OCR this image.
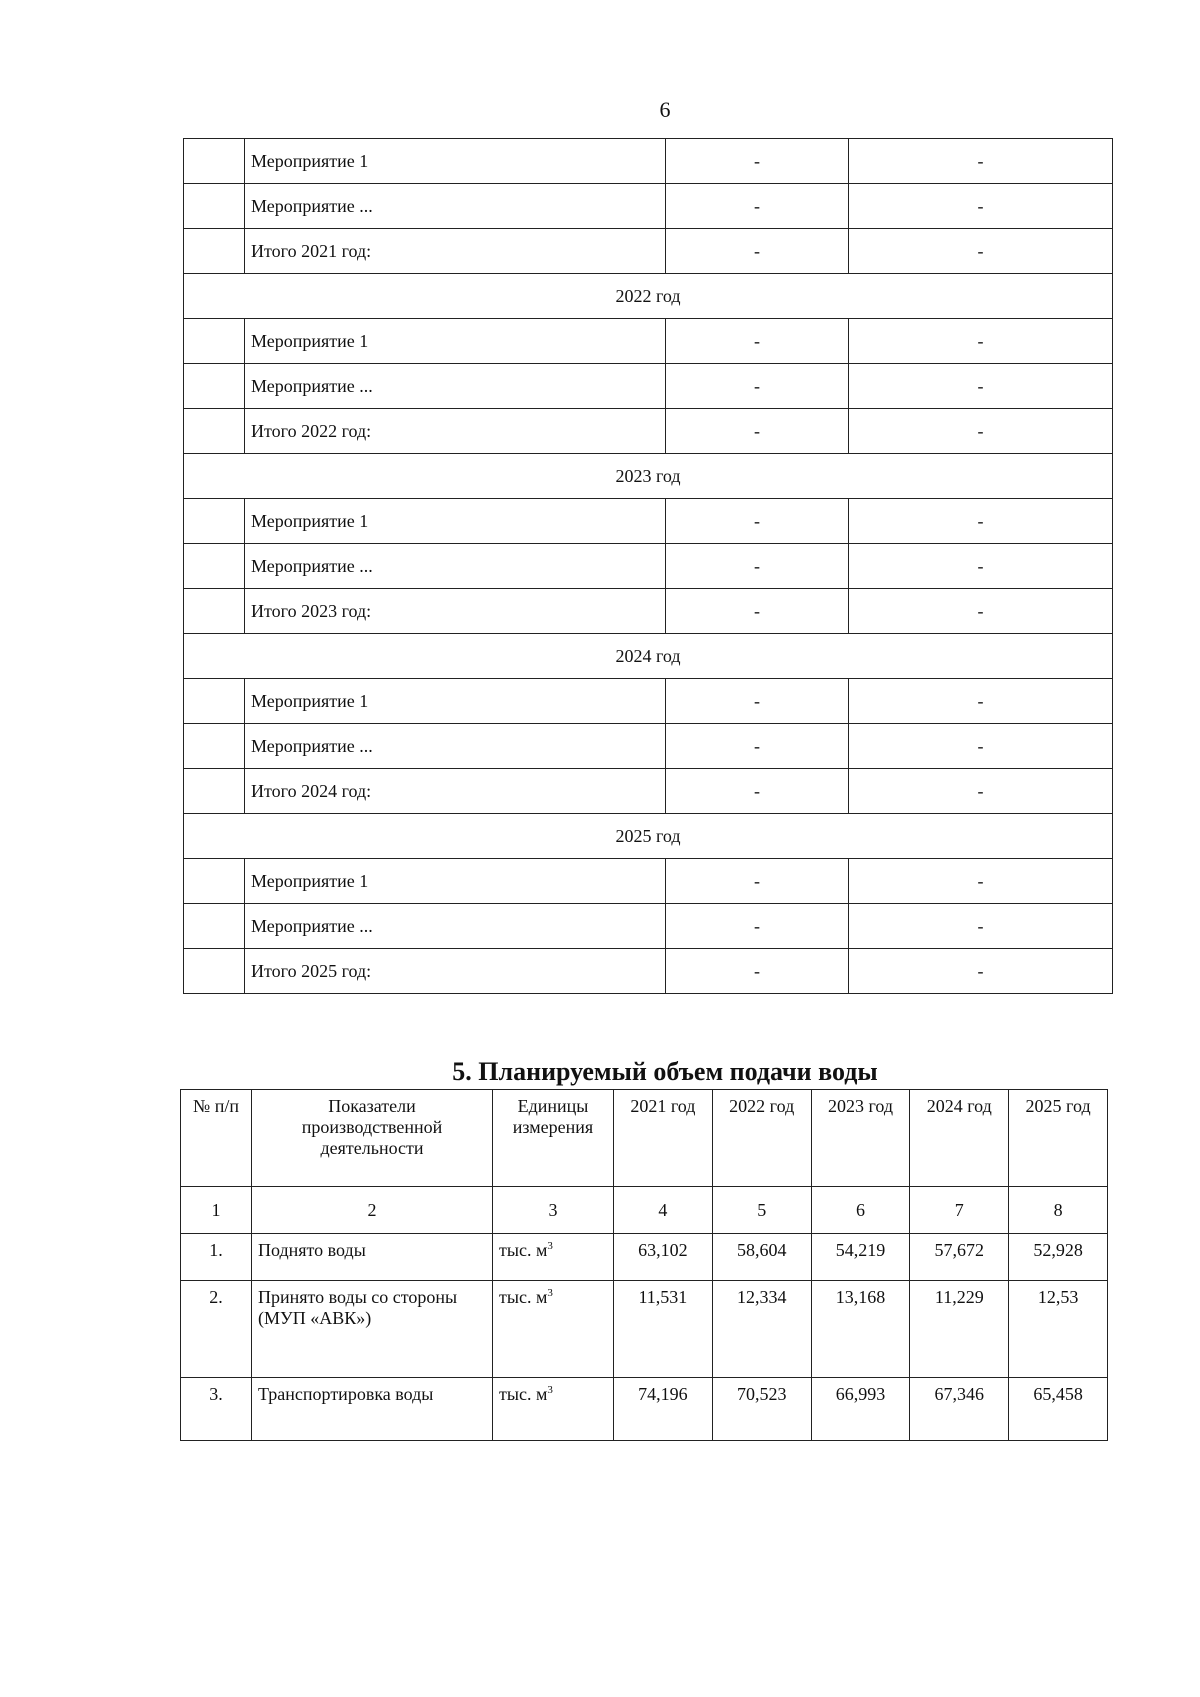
6
	Мероприятие 1	-	-
	Мероприятие ...	-	-
	Итого 2021 год:	-	-
2022 год			
	Мероприятие 1	-	-
	Мероприятие ...	-	-
	Итого 2022 год:	-	-
2023 год			
	Мероприятие 1	-	-
	Мероприятие ...	-	-
	Итого 2023 год:	-	-
2024 год			
	Мероприятие 1	-	-
	Мероприятие ...	-	-
	Итого 2024 год:	-	-
2025 год			
	Мероприятие 1	-	-
	Мероприятие ...	-	-
	Итого 2025 год:	-	-
5. Планируемый объем подачи воды
№ п/п	Показатели производственной деятельности	Единицы измерения	2021 год	2022 год	2023 год	2024 год	2025 год
1	2	3	4	5	6	7	8
1.	Поднято воды	тыс. $м^3$	63,102	58,604	54,219	57,672	52,928
2.	Принято воды со стороны (МУП «АВК»)	тыс. $м^3$	11,531	12,334	13,168	11,229	12,53
3.	Транспортировка воды	тыс. $м^3$	74,196	70,523	66,993	67,346	65,458
